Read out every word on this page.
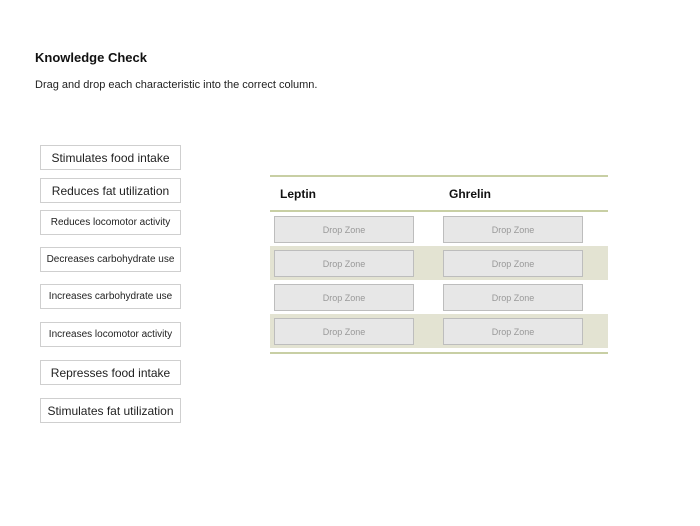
Knowledge Check
Drag and drop each characteristic into the correct column.
Stimulates food intake
Reduces fat utilization
Reduces locomotor activity
Decreases carbohydrate use
Increases carbohydrate use
Increases locomotor activity
Represses food intake
Stimulates fat utilization
Leptin	Ghrelin
Drop Zone	Drop Zone
Drop Zone	Drop Zone
Drop Zone	Drop Zone
Drop Zone	Drop Zone
